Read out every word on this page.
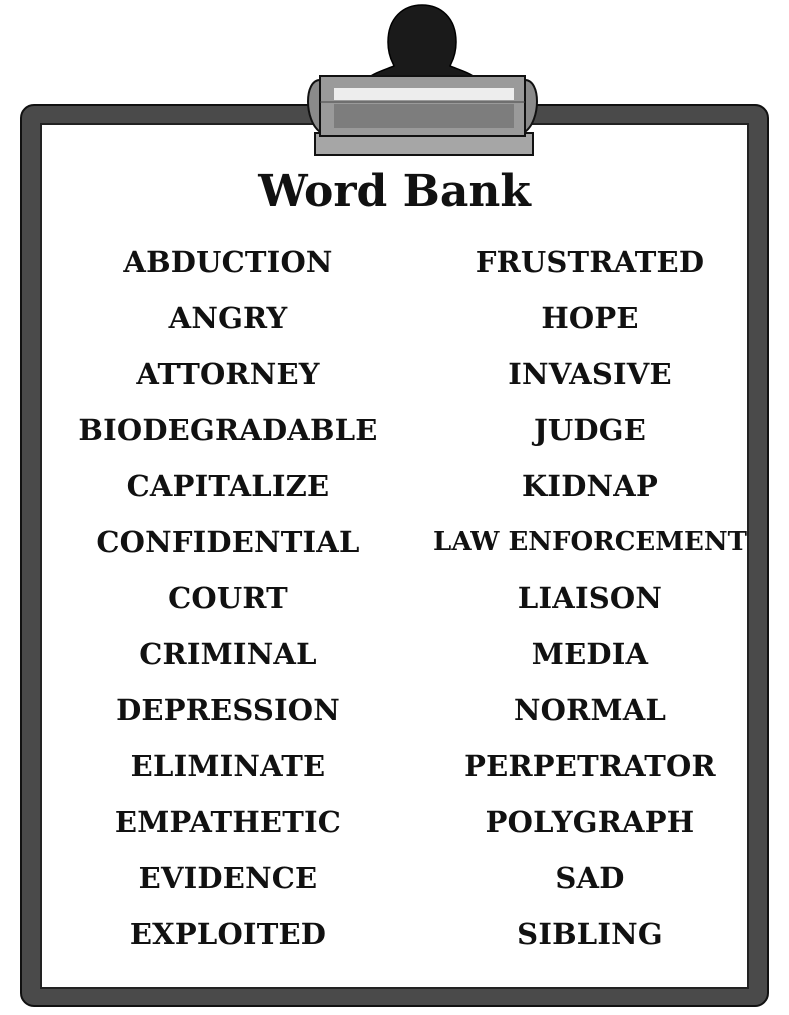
Word Bank
ABDUCTION
ANGRY
ATTORNEY
BIODEGRADABLE
CAPITALIZE
CONFIDENTIAL
COURT
CRIMINAL
DEPRESSION
ELIMINATE
EMPATHETIC
EVIDENCE
EXPLOITED
FRUSTRATED
HOPE
INVASIVE
JUDGE
KIDNAP
LAW ENFORCEMENT
LIAISON
MEDIA
NORMAL
PERPETRATOR
POLYGRAPH
SAD
SIBLING
